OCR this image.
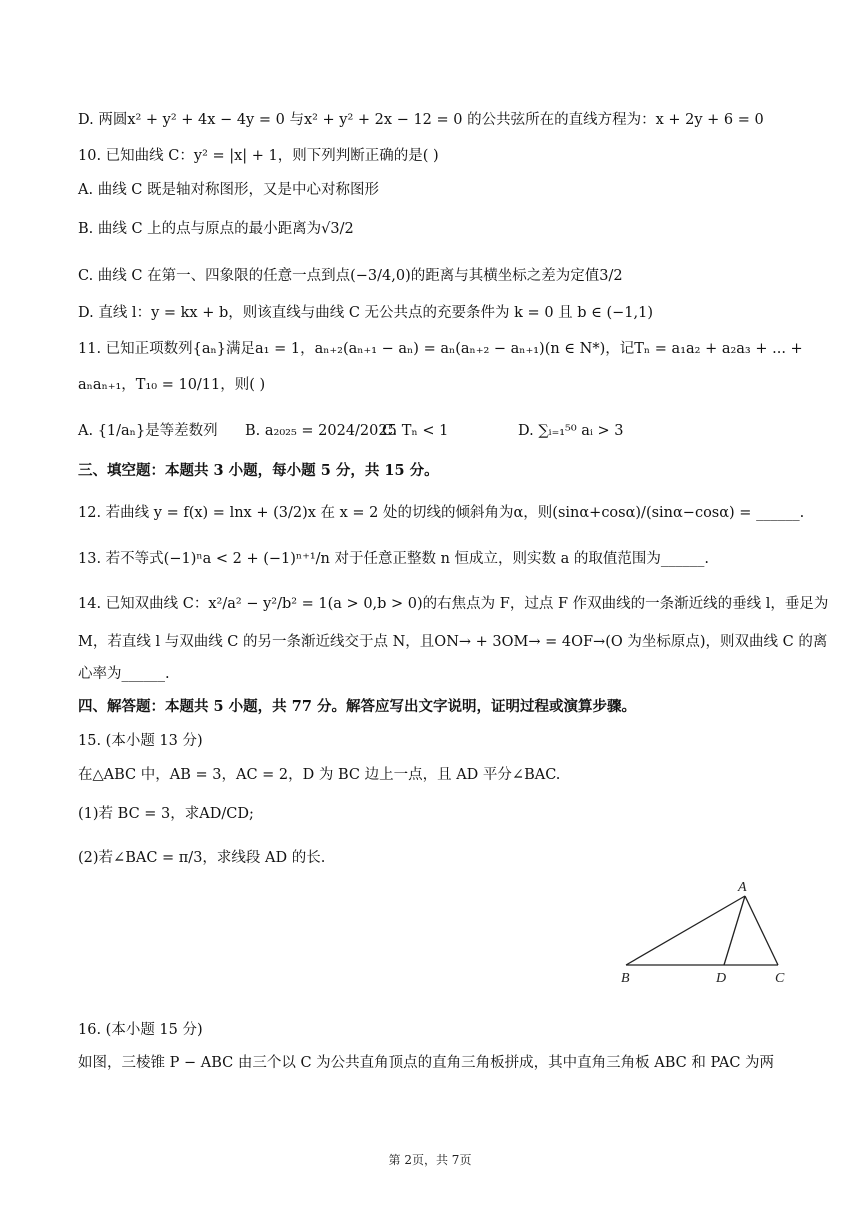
D. 两圆x² + y² + 4x − 4y = 0 与x² + y² + 2x − 12 = 0 的公共弦所在的直线方程为：x + 2y + 6 = 0
10. 已知曲线 C：y² = |x| + 1，则下列判断正确的是( )
A. 曲线 C 既是轴对称图形，又是中心对称图形
B. 曲线 C 上的点与原点的最小距离为√3/2
C. 曲线 C 在第一、四象限的任意一点到点(−3/4,0)的距离与其横坐标之差为定值3/2
D. 直线 l：y = kx + b，则该直线与曲线 C 无公共点的充要条件为 k = 0 且 b ∈ (−1,1)
11. 已知正项数列{aₙ}满足a₁ = 1，aₙ₊₂(aₙ₊₁ − aₙ) = aₙ(aₙ₊₂ − aₙ₊₁)(n ∈ N*)，记Tₙ = a₁a₂ + a₂a₃ + ... +
aₙaₙ₊₁，T₁₀ = 10/11，则( )
A. {1/aₙ}是等差数列	B. a₂₀₂₅ = 2024/2025
C. Tₙ < 1	D. ∑ᵢ₌₁⁵⁰ aᵢ > 3
三、填空题：本题共 3 小题，每小题 5 分，共 15 分。
12. 若曲线 y = f(x) = lnx + (3/2)x 在 x = 2 处的切线的倾斜角为α，则(sinα+cosα)/(sinα−cosα) = ______.
13. 若不等式(−1)ⁿa < 2 + (−1)ⁿ⁺¹/n 对于任意正整数 n 恒成立，则实数 a 的取值范围为______.
14. 已知双曲线 C：x²/a² − y²/b² = 1(a > 0,b > 0)的右焦点为 F，过点 F 作双曲线的一条渐近线的垂线 l，垂足为
M，若直线 l 与双曲线 C 的另一条渐近线交于点 N，且ON→ + 3OM→ = 4OF→(O 为坐标原点)，则双曲线 C 的离
心率为______.
四、解答题：本题共 5 小题，共 77 分。解答应写出文字说明，证明过程或演算步骤。
15. (本小题 13 分)
在△ABC 中，AB = 3，AC = 2，D 为 BC 边上一点，且 AD 平分∠BAC.
(1)若 BC = 3，求AD/CD;
(2)若∠BAC = π/3，求线段 AD 的长.
A
B	D	C
16. (本小题 15 分)
如图，三棱锥 P − ABC 由三个以 C 为公共直角顶点的直角三角板拼成，其中直角三角板 ABC 和 PAC 为两
第 2页，共 7页
